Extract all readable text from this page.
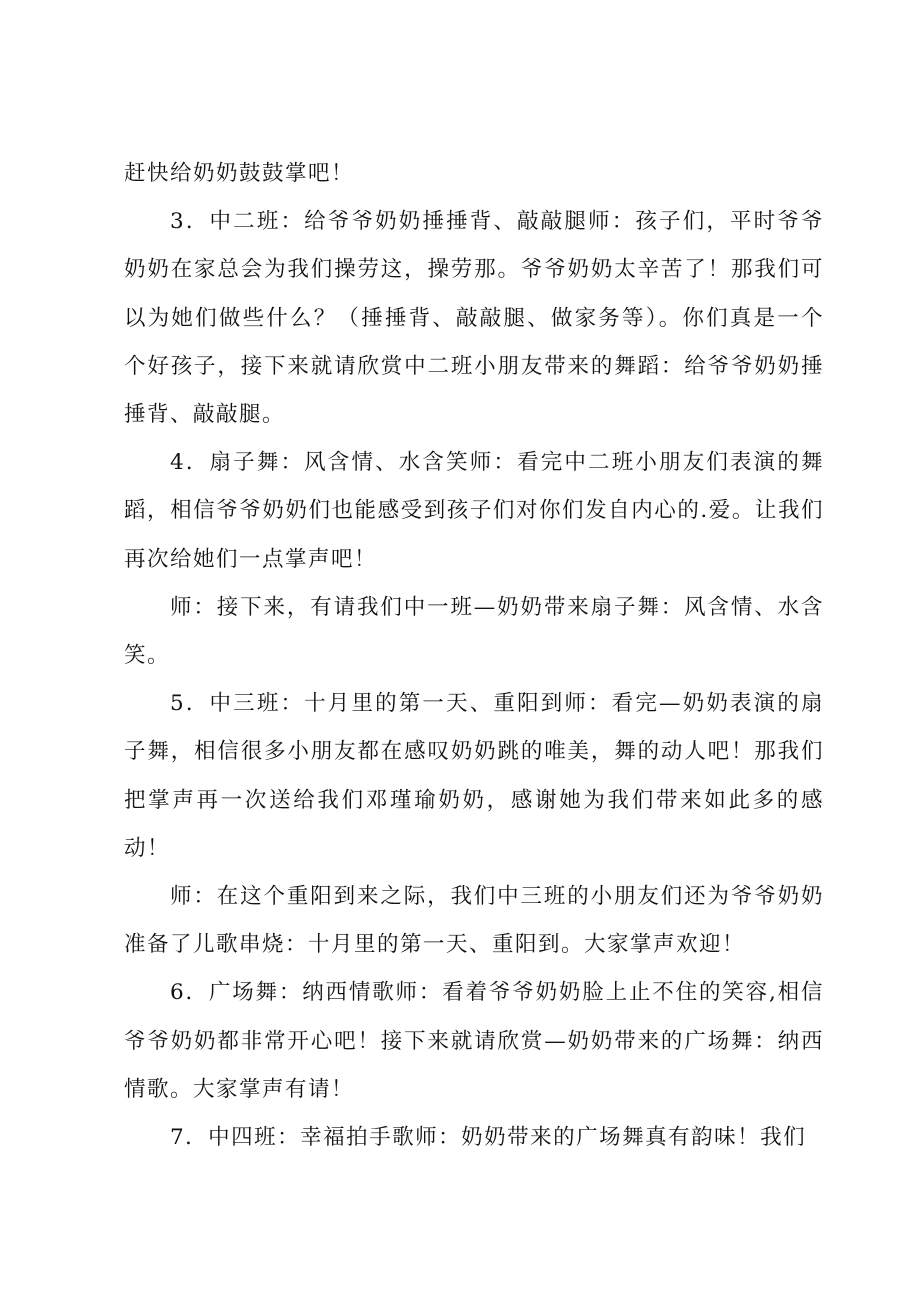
赶快给奶奶鼓鼓掌吧！

3．中二班：给爷爷奶奶捶捶背、敲敲腿师：孩子们，平时爷爷奶奶在家总会为我们操劳这，操劳那。爷爷奶奶太辛苦了！那我们可以为她们做些什么？（捶捶背、敲敲腿、做家务等）。你们真是一个个好孩子，接下来就请欣赏中二班小朋友带来的舞蹈：给爷爷奶奶捶捶背、敲敲腿。

4．扇子舞：风含情、水含笑师：看完中二班小朋友们表演的舞蹈，相信爷爷奶奶们也能感受到孩子们对你们发自内心的.爱。让我们再次给她们一点掌声吧！

师：接下来，有请我们中一班—奶奶带来扇子舞：风含情、水含笑。

5．中三班：十月里的第一天、重阳到师：看完—奶奶表演的扇子舞，相信很多小朋友都在感叹奶奶跳的唯美，舞的动人吧！那我们把掌声再一次送给我们邓瑾瑜奶奶，感谢她为我们带来如此多的感动！

师：在这个重阳到来之际，我们中三班的小朋友们还为爷爷奶奶准备了儿歌串烧：十月里的第一天、重阳到。大家掌声欢迎！

6．广场舞：纳西情歌师：看着爷爷奶奶脸上止不住的笑容,相信爷爷奶奶都非常开心吧！接下来就请欣赏—奶奶带来的广场舞：纳西情歌。大家掌声有请！

7．中四班：幸福拍手歌师：奶奶带来的广场舞真有韵味！我们
